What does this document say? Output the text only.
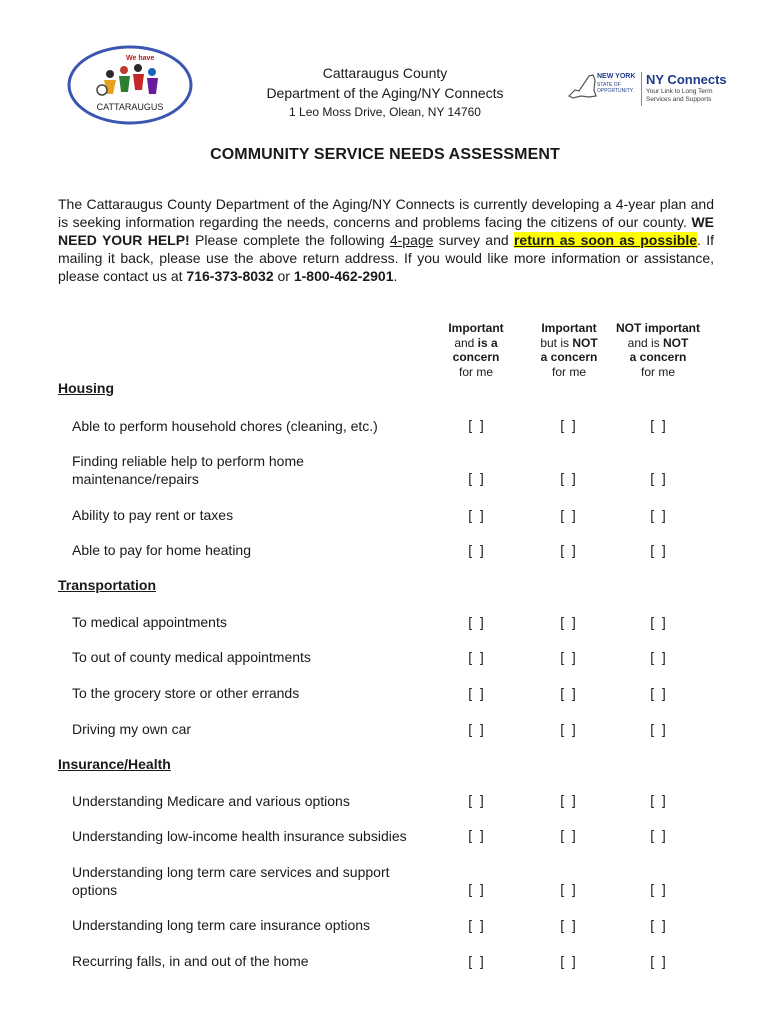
We have
CATTARAUGUS
Cattaraugus County
Department of the Aging/NY Connects
1 Leo Moss Drive, Olean, NY 14760
NEW YORK
STATE OF OPPORTUNITY.
NY Connects
Your Link to Long Term Services and Supports
COMMUNITY SERVICE NEEDS ASSESSMENT
The Cattaraugus County Department of the Aging/NY Connects is currently developing a 4-year plan and is seeking information regarding the needs, concerns and problems facing the citizens of our county. WE NEED YOUR HELP! Please complete the following 4-page survey and return as soon as possible. If mailing it back, please use the above return address. If you would like more information or assistance, please contact us at 716-373-8032 or 1-800-462-2901.
Important
and is a
concern
for me
Important
but is NOT
a concern
for me
NOT important
and is NOT
a concern
for me
Housing
Able to perform household chores (cleaning, etc.)	[  ]	[  ]	[  ]
Finding reliable help to perform home maintenance/repairs	[  ]	[  ]	[  ]
Ability to pay rent or taxes	[  ]	[  ]	[  ]
Able to pay for home heating	[  ]	[  ]	[  ]
Transportation
To medical appointments	[  ]	[  ]	[  ]
To out of county medical appointments	[  ]	[  ]	[  ]
To the grocery store or other errands	[  ]	[  ]	[  ]
Driving my own car	[  ]	[  ]	[  ]
Insurance/Health
Understanding Medicare and various options	[  ]	[  ]	[  ]
Understanding low-income health insurance subsidies	[  ]	[  ]	[  ]
Understanding long term care services and support options	[  ]	[  ]	[  ]
Understanding long term care insurance options	[  ]	[  ]	[  ]
Recurring falls, in and out of the home	[  ]	[  ]	[  ]
